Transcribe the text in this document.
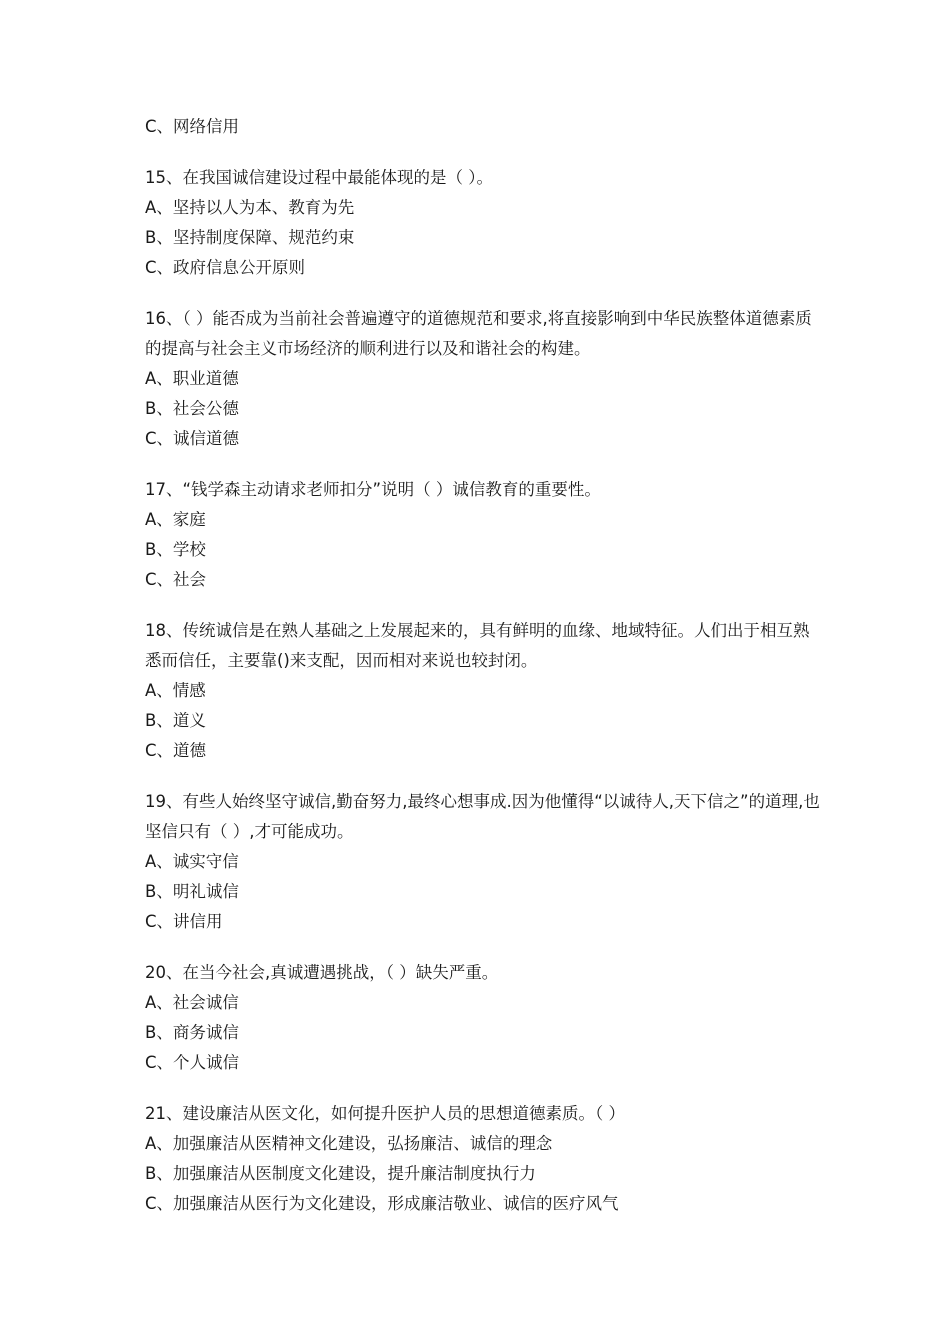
C、网络信用
15、在我国诚信建设过程中最能体现的是（ ）。
A、坚持以人为本、教育为先
B、坚持制度保障、规范约束
C、政府信息公开原则
16、（ ）能否成为当前社会普遍遵守的道德规范和要求,将直接影响到中华民族整体道德素质的提高与社会主义市场经济的顺利进行以及和谐社会的构建。
A、职业道德
B、社会公德
C、诚信道德
17、“钱学森主动请求老师扣分”说明（ ）诚信教育的重要性。
A、家庭
B、学校
C、社会
18、传统诚信是在熟人基础之上发展起来的，具有鲜明的血缘、地域特征。人们出于相互熟悉而信任，主要靠()来支配，因而相对来说也较封闭。
A、情感
B、道义
C、道德
19、有些人始终坚守诚信,勤奋努力,最终心想事成.因为他懂得“以诚待人,天下信之”的道理,也坚信只有（ ）,才可能成功。
A、诚实守信
B、明礼诚信
C、讲信用
20、在当今社会,真诚遭遇挑战，（ ）缺失严重。
A、社会诚信
B、商务诚信
C、个人诚信
21、建设廉洁从医文化，如何提升医护人员的思想道德素质。（ ）
A、加强廉洁从医精神文化建设，弘扬廉洁、诚信的理念
B、加强廉洁从医制度文化建设，提升廉洁制度执行力
C、加强廉洁从医行为文化建设，形成廉洁敬业、诚信的医疗风气
